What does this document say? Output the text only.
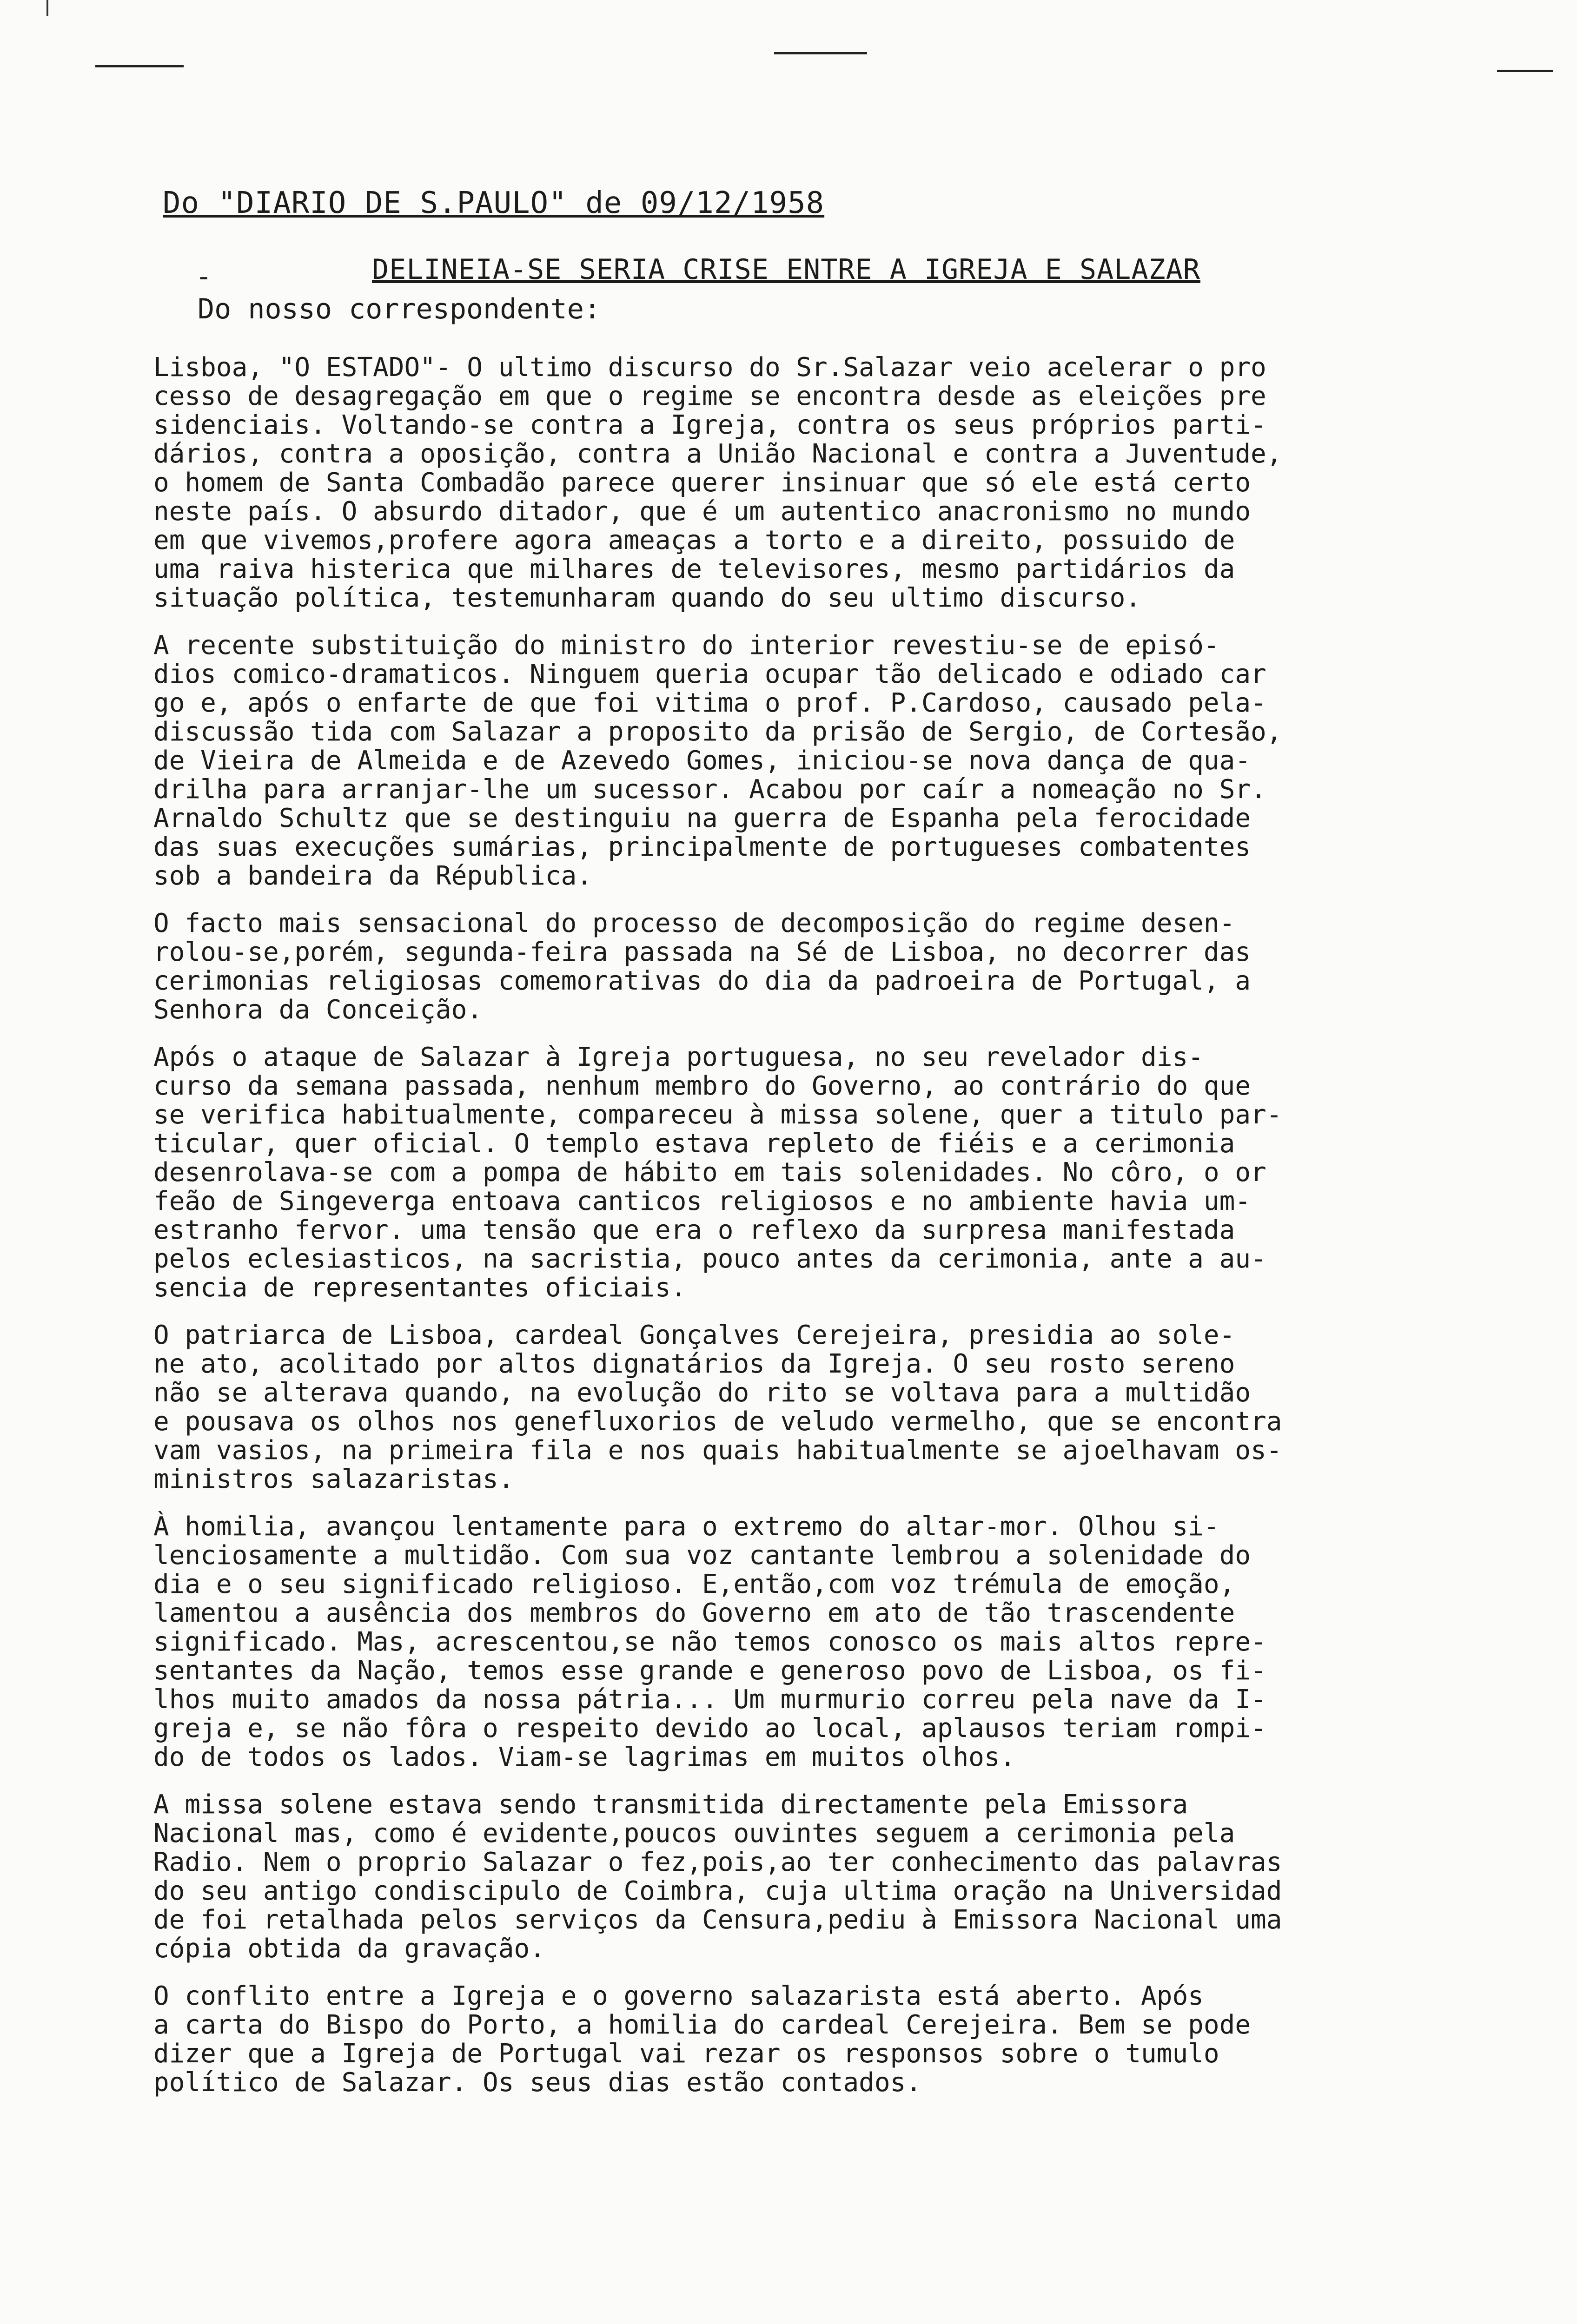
Do "DIARIO DE S.PAULO" de 09/12/1958
-	DELINEIA-SE SERIA CRISE ENTRE A IGREJA E SALAZAR
Do nosso correspondente:

Lisboa, "O ESTADO"- O ultimo discurso do Sr.Salazar veio acelerar o pro
cesso de desagregação em que o regime se encontra desde as eleições pre
sidenciais. Voltando-se contra a Igreja, contra os seus próprios parti-
dários, contra a oposição, contra a União Nacional e contra a Juventude,
o homem de Santa Combadão parece querer insinuar que só ele está certo
neste país. O absurdo ditador, que é um autentico anacronismo no mundo
em que vivemos,profere agora ameaças a torto e a direito, possuido de
uma raiva histerica que milhares de televisores, mesmo partidários da
situação política, testemunharam quando do seu ultimo discurso.

A recente substituição do ministro do interior revestiu-se de episó-
dios comico-dramaticos. Ninguem queria ocupar tão delicado e odiado car
go e, após o enfarte de que foi vitima o prof. P.Cardoso, causado pela-
discussão tida com Salazar a proposito da prisão de Sergio, de Cortesão,
de Vieira de Almeida e de Azevedo Gomes, iniciou-se nova dança de qua-
drilha para arranjar-lhe um sucessor. Acabou por caír a nomeação no Sr.
Arnaldo Schultz que se destinguiu na guerra de Espanha pela ferocidade
das suas execuções sumárias, principalmente de portugueses combatentes
sob a bandeira da Républica.

O facto mais sensacional do processo de decomposição do regime desen-
rolou-se,porém, segunda-feira passada na Sé de Lisboa, no decorrer das
cerimonias religiosas comemorativas do dia da padroeira de Portugal, a
Senhora da Conceição.

Após o ataque de Salazar à Igreja portuguesa, no seu revelador dis-
curso da semana passada, nenhum membro do Governo, ao contrário do que
se verifica habitualmente, compareceu à missa solene, quer a titulo par-
ticular, quer oficial. O templo estava repleto de fiéis e a cerimonia
desenrolava-se com a pompa de hábito em tais solenidades. No côro, o or
feão de Singeverga entoava canticos religiosos e no ambiente havia um-
estranho fervor. uma tensão que era o reflexo da surpresa manifestada
pelos eclesiasticos, na sacristia, pouco antes da cerimonia, ante a au-
sencia de representantes oficiais.

O patriarca de Lisboa, cardeal Gonçalves Cerejeira, presidia ao sole-
ne ato, acolitado por altos dignatários da Igreja. O seu rosto sereno
não se alterava quando, na evolução do rito se voltava para a multidão
e pousava os olhos nos genefluxorios de veludo vermelho, que se encontra
vam vasios, na primeira fila e nos quais habitualmente se ajoelhavam os-
ministros salazaristas.

À homilia, avançou lentamente para o extremo do altar-mor. Olhou si-
lenciosamente a multidão. Com sua voz cantante lembrou a solenidade do
dia e o seu significado religioso. E,então,com voz trémula de emoção,
lamentou a ausência dos membros do Governo em ato de tão trascendente
significado. Mas, acrescentou,se não temos conosco os mais altos repre-
sentantes da Nação, temos esse grande e generoso povo de Lisboa, os fi-
lhos muito amados da nossa pátria... Um murmurio correu pela nave da I-
greja e, se não fôra o respeito devido ao local, aplausos teriam rompi-
do de todos os lados. Viam-se lagrimas em muitos olhos.

A missa solene estava sendo transmitida directamente pela Emissora
Nacional mas, como é evidente,poucos ouvintes seguem a cerimonia pela
Radio. Nem o proprio Salazar o fez,pois,ao ter conhecimento das palavras
do seu antigo condiscipulo de Coimbra, cuja ultima oração na Universidad
de foi retalhada pelos serviços da Censura,pediu à Emissora Nacional uma
cópia obtida da gravação.

O conflito entre a Igreja e o governo salazarista está aberto. Após
a carta do Bispo do Porto, a homilia do cardeal Cerejeira. Bem se pode
dizer que a Igreja de Portugal vai rezar os responsos sobre o tumulo
político de Salazar. Os seus dias estão contados.
